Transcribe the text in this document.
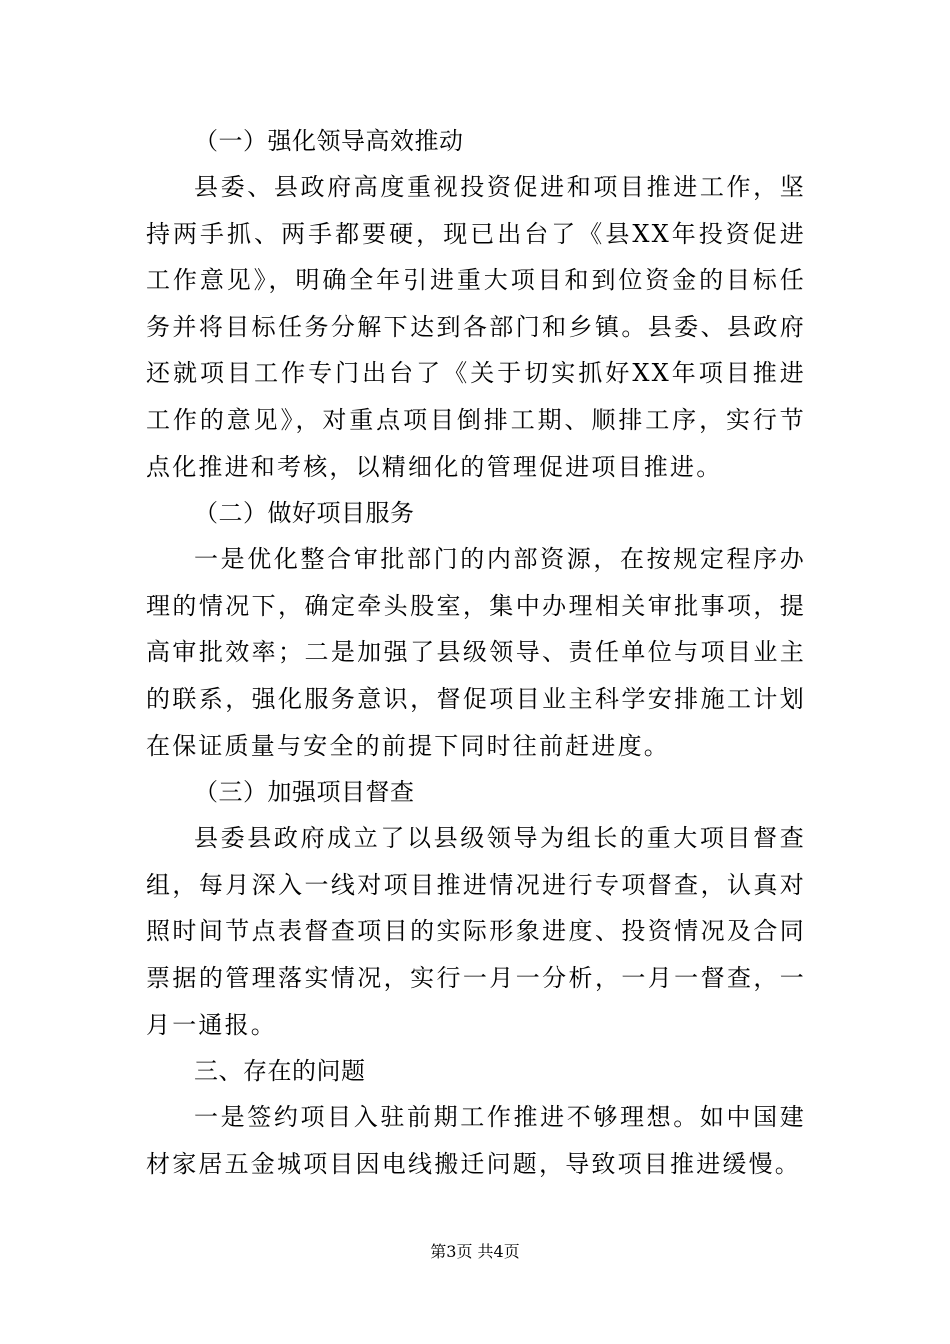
（一）强化领导高效推动

县委、县政府高度重视投资促进和项目推进工作，坚持两手抓、两手都要硬，现已出台了《县XX年投资促进工作意见》，明确全年引进重大项目和到位资金的目标任务并将目标任务分解下达到各部门和乡镇。县委、县政府还就项目工作专门出台了《关于切实抓好XX年项目推进工作的意见》，对重点项目倒排工期、顺排工序，实行节点化推进和考核，以精细化的管理促进项目推进。

（二）做好项目服务

一是优化整合审批部门的内部资源，在按规定程序办理的情况下，确定牵头股室，集中办理相关审批事项，提高审批效率；二是加强了县级领导、责任单位与项目业主的联系，强化服务意识，督促项目业主科学安排施工计划在保证质量与安全的前提下同时往前赶进度。

（三）加强项目督查

县委县政府成立了以县级领导为组长的重大项目督查组，每月深入一线对项目推进情况进行专项督查，认真对照时间节点表督查项目的实际形象进度、投资情况及合同票据的管理落实情况，实行一月一分析，一月一督查，一月一通报。

三、存在的问题

一是签约项目入驻前期工作推进不够理想。如中国建材家居五金城项目因电线搬迁问题，导致项目推进缓慢。

第3页 共4页
